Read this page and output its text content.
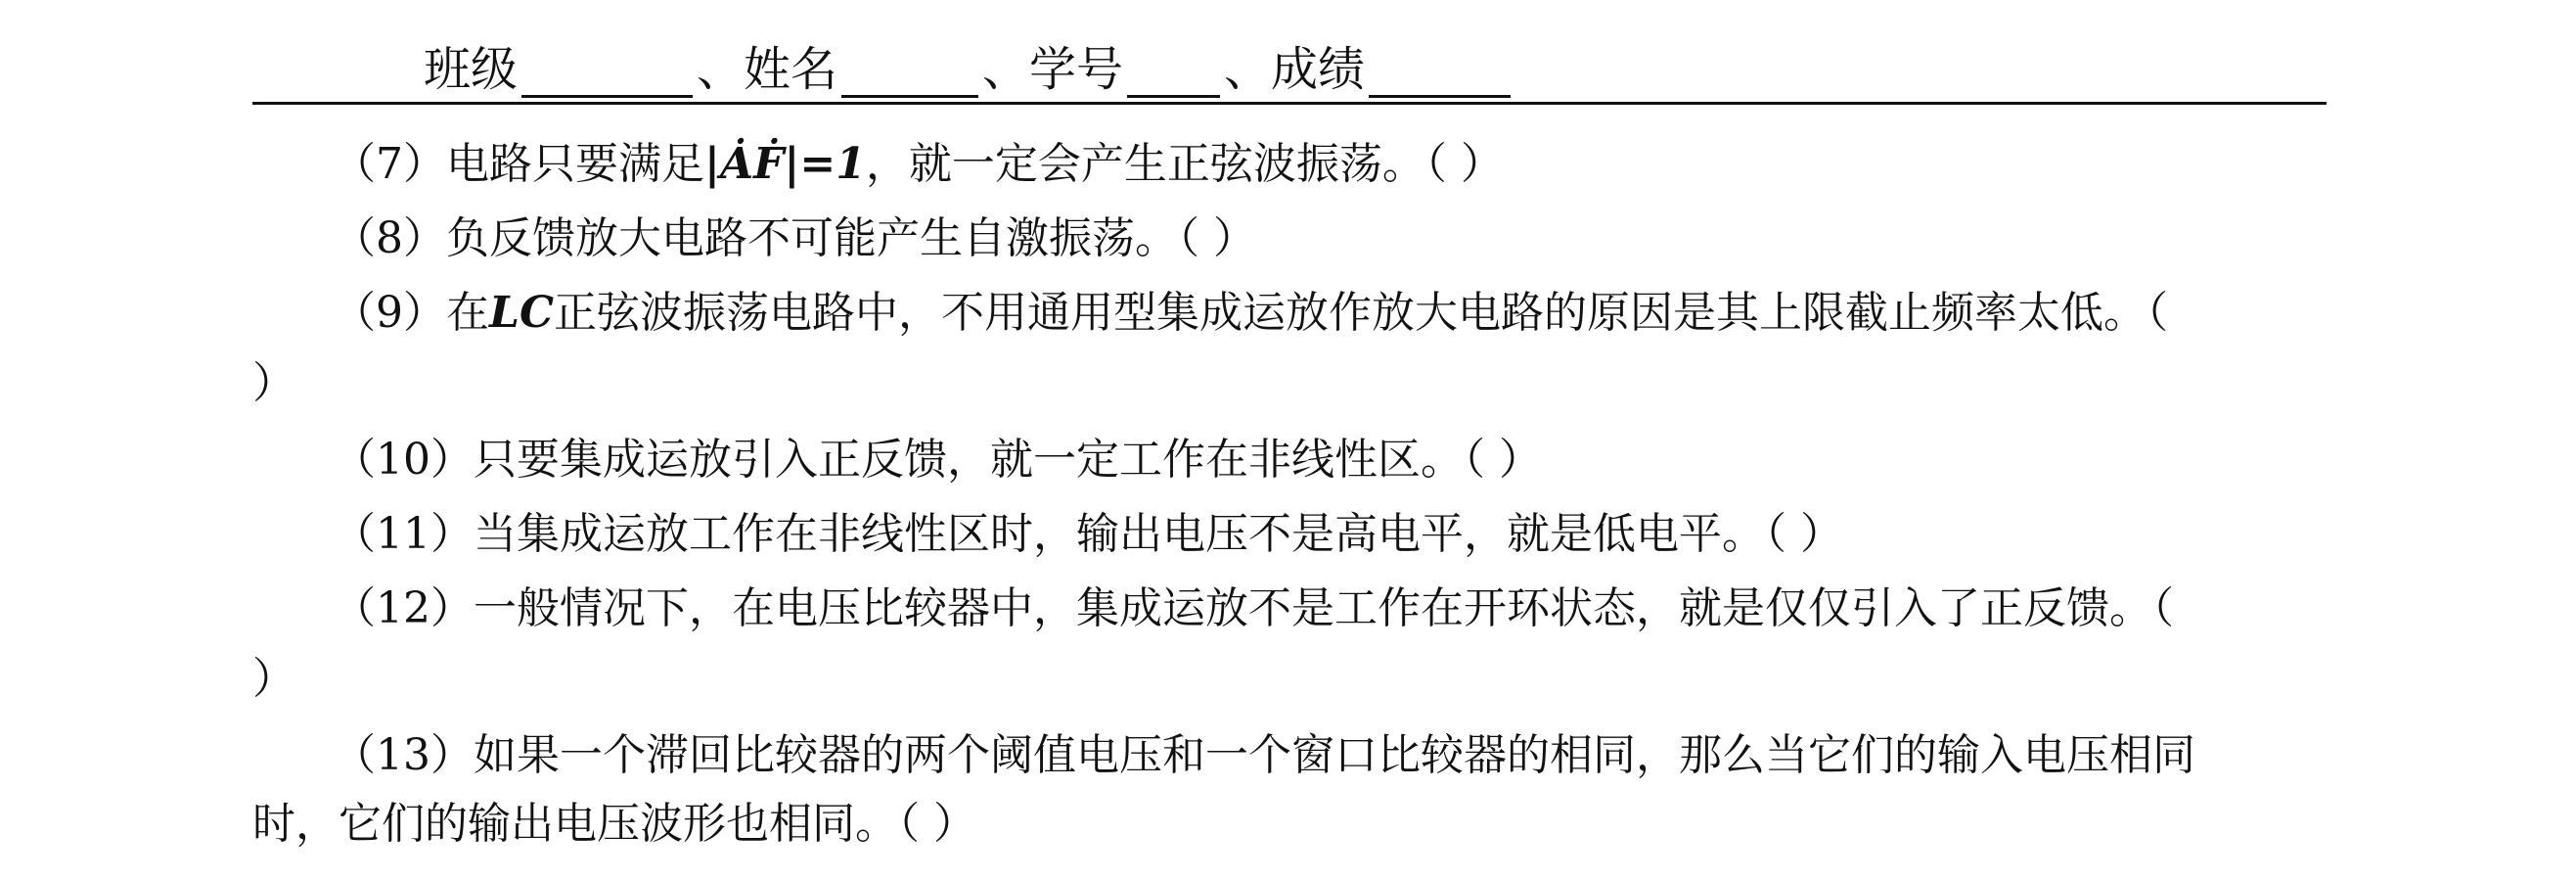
班级	、姓名	、学号 、成绩
（7）电路只要满足|ȦḞ|=1，就一定会产生正弦波振荡。（ ）
（8）负反馈放大电路不可能产生自激振荡。（ ）
（9）在LC正弦波振荡电路中，不用通用型集成运放作放大电路的原因是其上限截止频率太低。（
）
（10）只要集成运放引入正反馈，就一定工作在非线性区。（ ）
（11）当集成运放工作在非线性区时，输出电压不是高电平，就是低电平。（ ）
（12）一般情况下，在电压比较器中，集成运放不是工作在开环状态，就是仅仅引入了正反馈。（
）
（13）如果一个滞回比较器的两个阈值电压和一个窗口比较器的相同，那么当它们的输入电压相同
时，它们的输出电压波形也相同。（ ）
